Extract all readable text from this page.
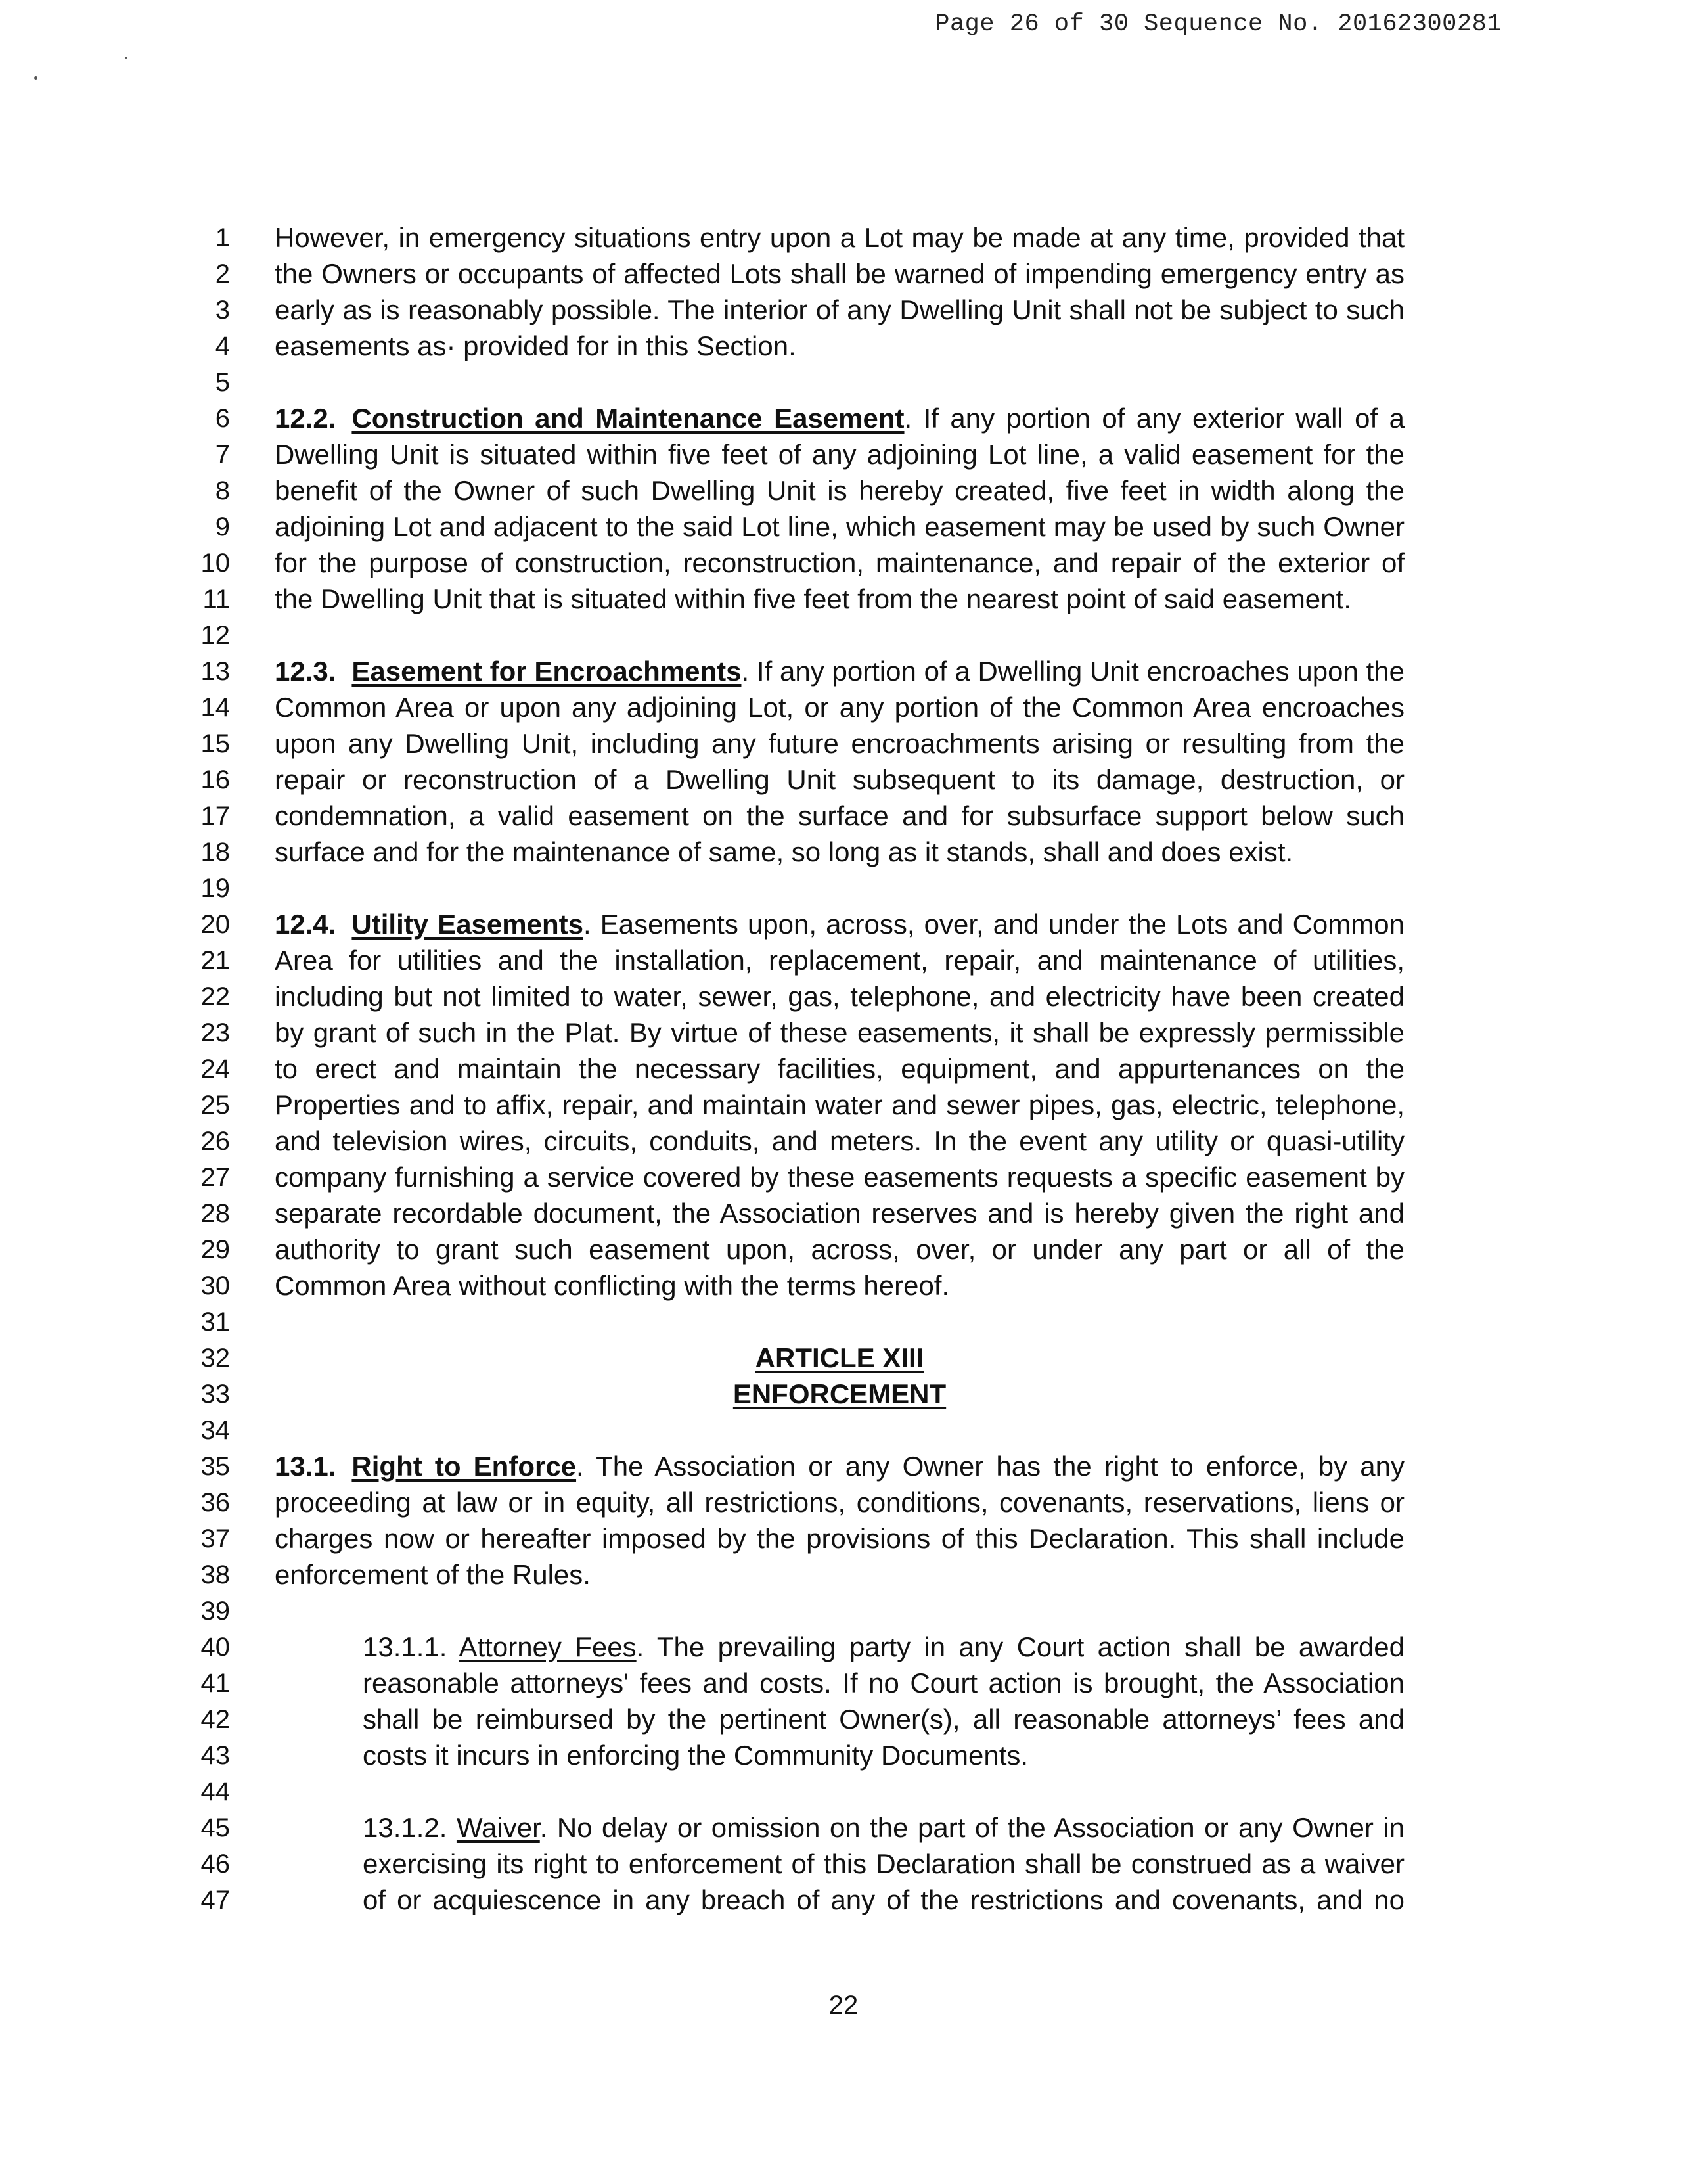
Page 26 of 30 Sequence No. 20162300281
1 However, in emergency situations entry upon a Lot may be made at any time, provided that
2 the Owners or occupants of affected Lots shall be warned of impending emergency entry as
3 early as is reasonably possible. The interior of any Dwelling Unit shall not be subject to such
4 easements as· provided for in this Section.
5
6 12.2. Construction and Maintenance Easement. If any portion of any exterior wall of a
7 Dwelling Unit is situated within five feet of any adjoining Lot line, a valid easement for the
8 benefit of the Owner of such Dwelling Unit is hereby created, five feet in width along the
9 adjoining Lot and adjacent to the said Lot line, which easement may be used by such Owner
10 for the purpose of construction, reconstruction, maintenance, and repair of the exterior of
11 the Dwelling Unit that is situated within five feet from the nearest point of said easement.
12
13 12.3. Easement for Encroachments. If any portion of a Dwelling Unit encroaches upon the
14 Common Area or upon any adjoining Lot, or any portion of the Common Area encroaches
15 upon any Dwelling Unit, including any future encroachments arising or resulting from the
16 repair or reconstruction of a Dwelling Unit subsequent to its damage, destruction, or
17 condemnation, a valid easement on the surface and for subsurface support below such
18 surface and for the maintenance of same, so long as it stands, shall and does exist.
19
20 12.4. Utility Easements. Easements upon, across, over, and under the Lots and Common
21 Area for utilities and the installation, replacement, repair, and maintenance of utilities,
22 including but not limited to water, sewer, gas, telephone, and electricity have been created
23 by grant of such in the Plat. By virtue of these easements, it shall be expressly permissible
24 to erect and maintain the necessary facilities, equipment, and appurtenances on the
25 Properties and to affix, repair, and maintain water and sewer pipes, gas, electric, telephone,
26 and television wires, circuits, conduits, and meters. In the event any utility or quasi-utility
27 company furnishing a service covered by these easements requests a specific easement by
28 separate recordable document, the Association reserves and is hereby given the right and
29 authority to grant such easement upon, across, over, or under any part or all of the
30 Common Area without conflicting with the terms hereof.
31
32	ARTICLE XIII
33	ENFORCEMENT
34
35 13.1. Right to Enforce. The Association or any Owner has the right to enforce, by any
36 proceeding at law or in equity, all restrictions, conditions, covenants, reservations, liens or
37 charges now or hereafter imposed by the provisions of this Declaration. This shall include
38 enforcement of the Rules.
39
40	13.1.1. Attorney Fees. The prevailing party in any Court action shall be awarded
41	reasonable attorneys' fees and costs. If no Court action is brought, the Association
42	shall be reimbursed by the pertinent Owner(s), all reasonable attorneys’ fees and
43	costs it incurs in enforcing the Community Documents.
44
45	13.1.2. Waiver. No delay or omission on the part of the Association or any Owner in
46	exercising its right to enforcement of this Declaration shall be construed as a waiver
47	of or acquiescence in any breach of any of the restrictions and covenants, and no
22
